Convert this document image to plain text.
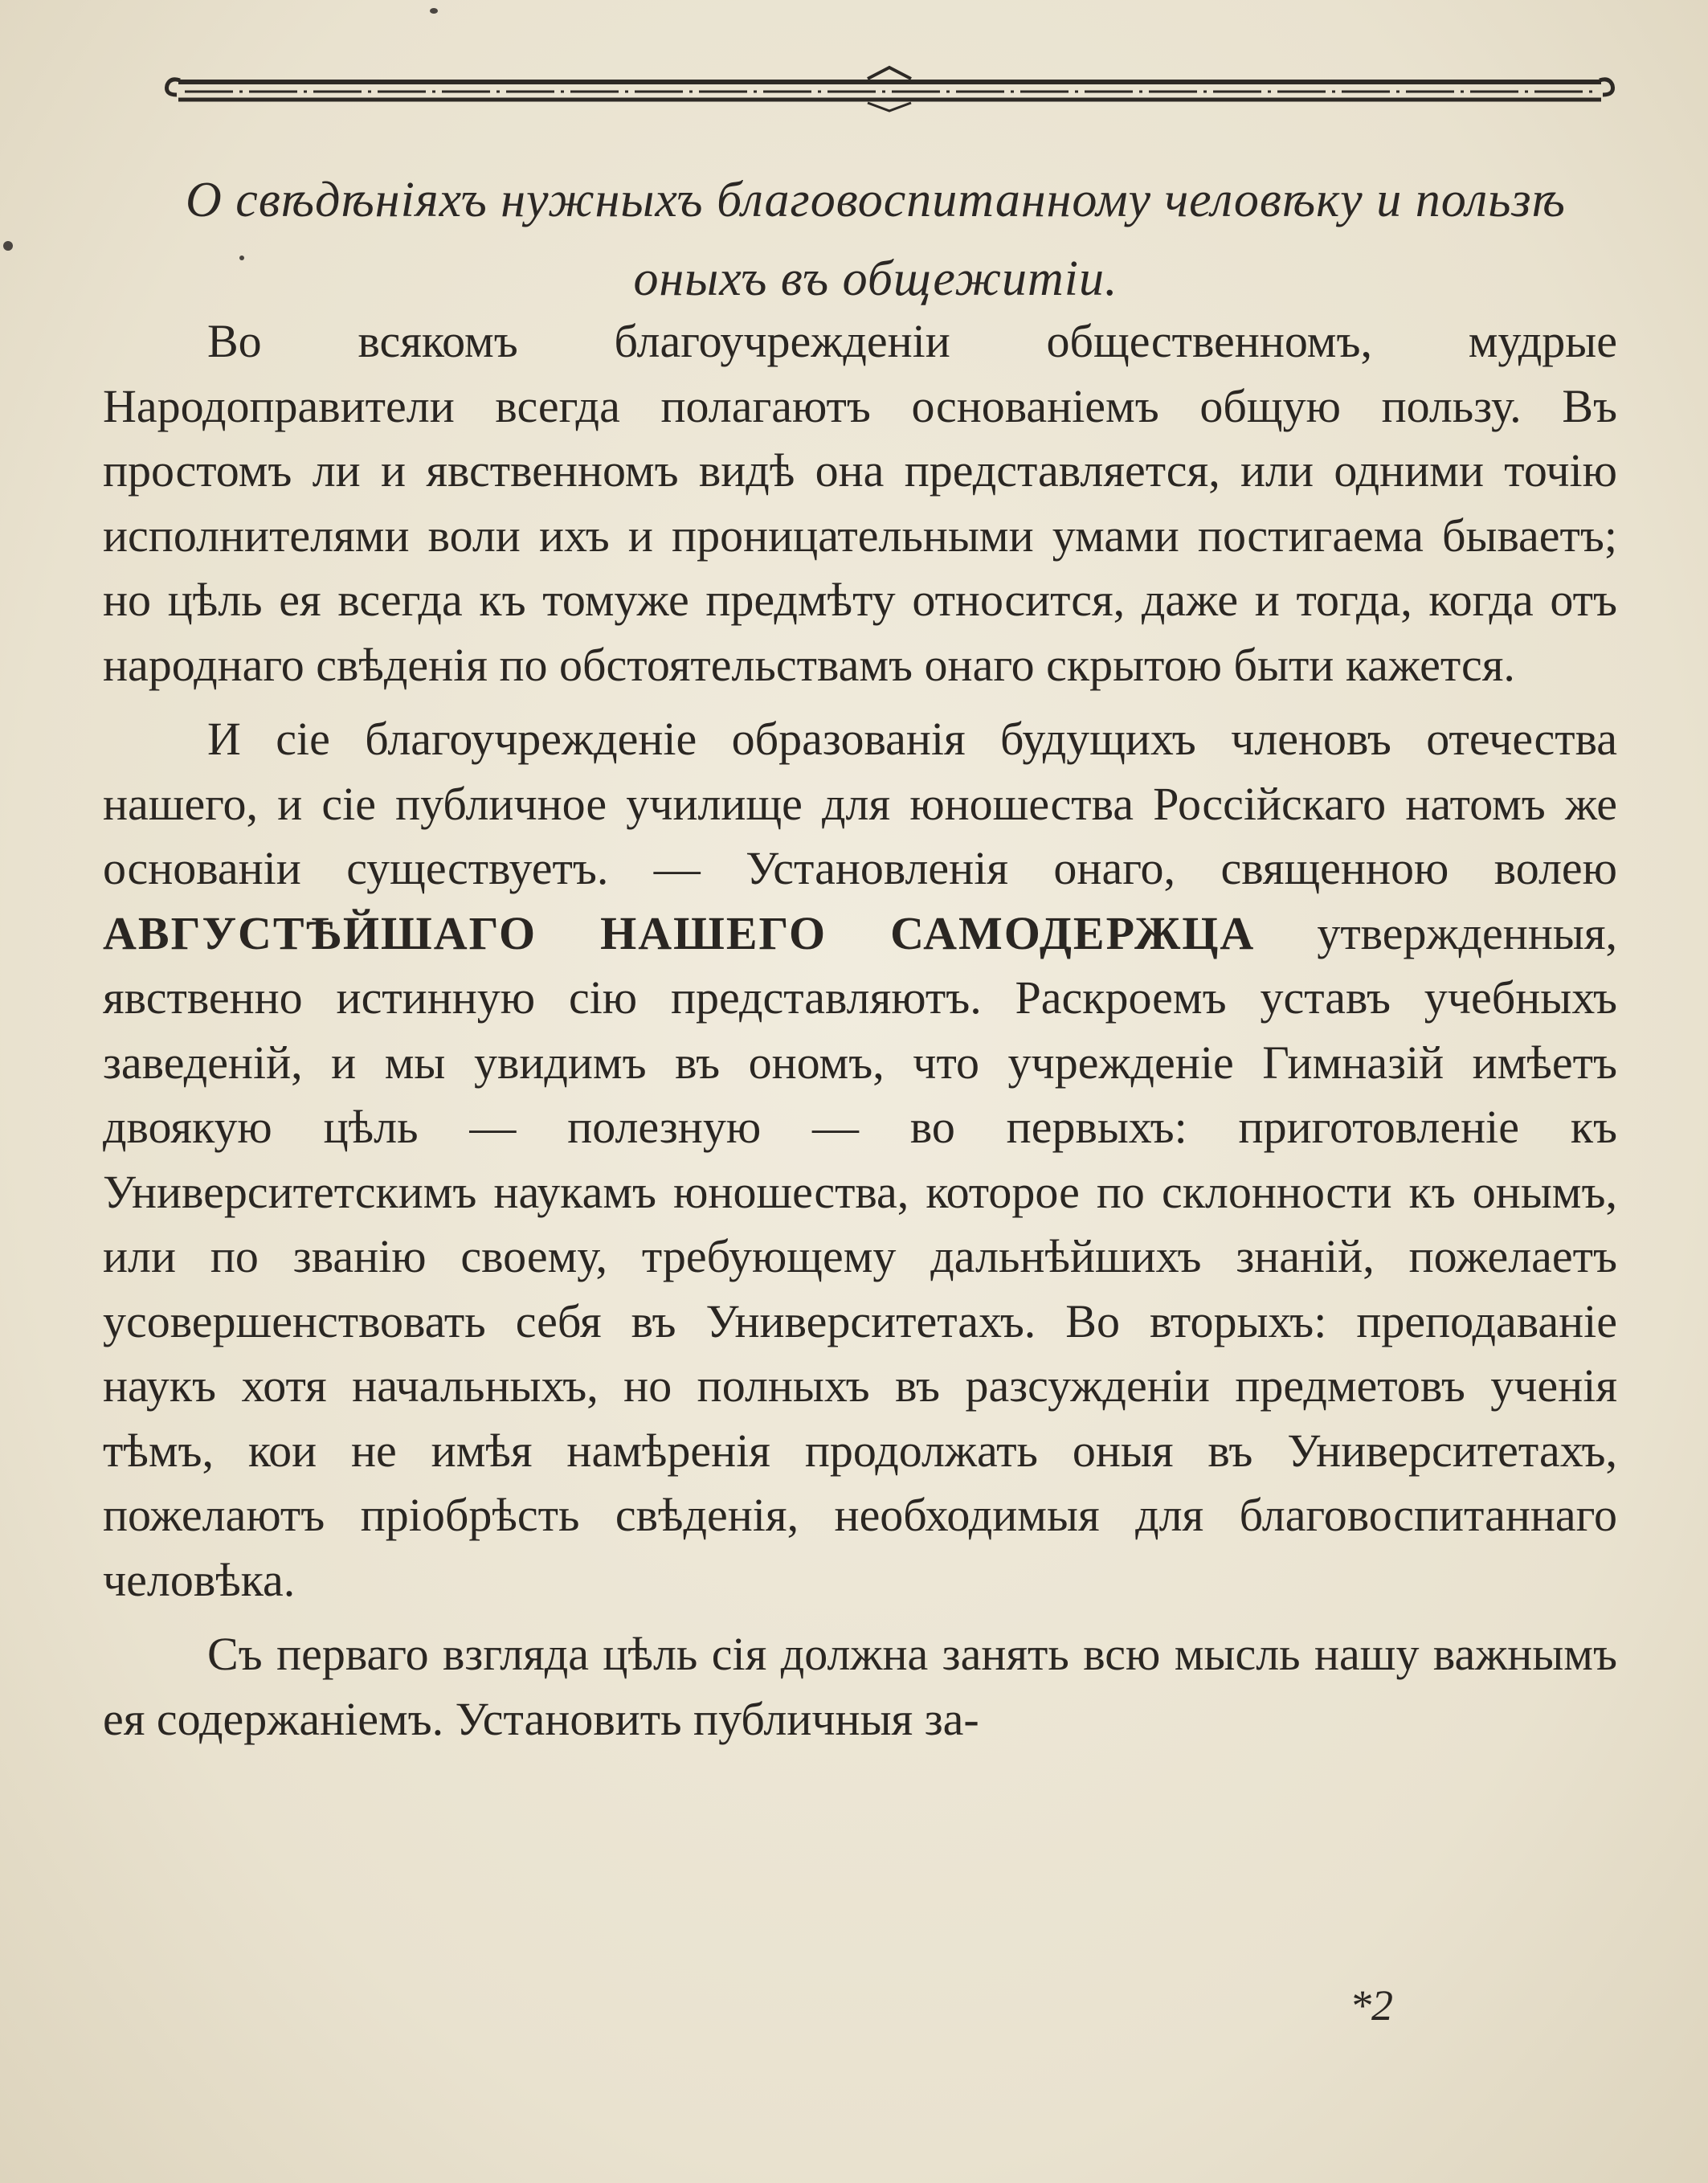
О свѣдѣніяхъ нужныхъ благовоспитанному человѣку и пользѣ оныхъ въ общежитіи.

Во всякомъ благоучрежденіи общественномъ, мудрые Народоправители всегда полагаютъ основаніемъ общую пользу. Въ простомъ ли и явственномъ видѣ она представляется, или одними точію исполнителями воли ихъ и проницательными умами постигаема бываетъ; но цѣль ея всегда къ томуже предмѣту относится, даже и тогда, когда отъ народнаго свѣденія по обстоятельствамъ онаго скрытою быти кажется.

И сіе благоучрежденіе образованія будущихъ членовъ отечества нашего, и сіе публичное училище для юношества Россійскаго натомъ же основаніи существуетъ. — Установленія онаго, священною волею АВГУСТѢЙШАГО НАШЕГО САМОДЕРЖЦА утвержденныя, явственно истинную сію представляютъ. Раскроемъ уставъ учебныхъ заведеній, и мы увидимъ въ ономъ, что учрежденіе Гимназій имѣетъ двоякую цѣль — полезную — во первыхъ: приготовленіе къ Университетскимъ наукамъ юношества, которое по склонности къ онымъ, или по званію своему, требующему дальнѣйшихъ знаній, пожелаетъ усовершенствовать себя въ Университетахъ. Во вторыхъ: преподаваніе наукъ хотя начальныхъ, но полныхъ въ разсужденіи предметовъ ученія тѣмъ, кои не имѣя намѣренія продолжать оныя въ Университетахъ, пожелаютъ пріобрѣсть свѣденія, необходимыя для благовоспитаннаго человѣка.

Съ перваго взгляда цѣль сія должна занять всю мысль нашу важнымъ ея содержаніемъ. Установить публичныя за-

*2
